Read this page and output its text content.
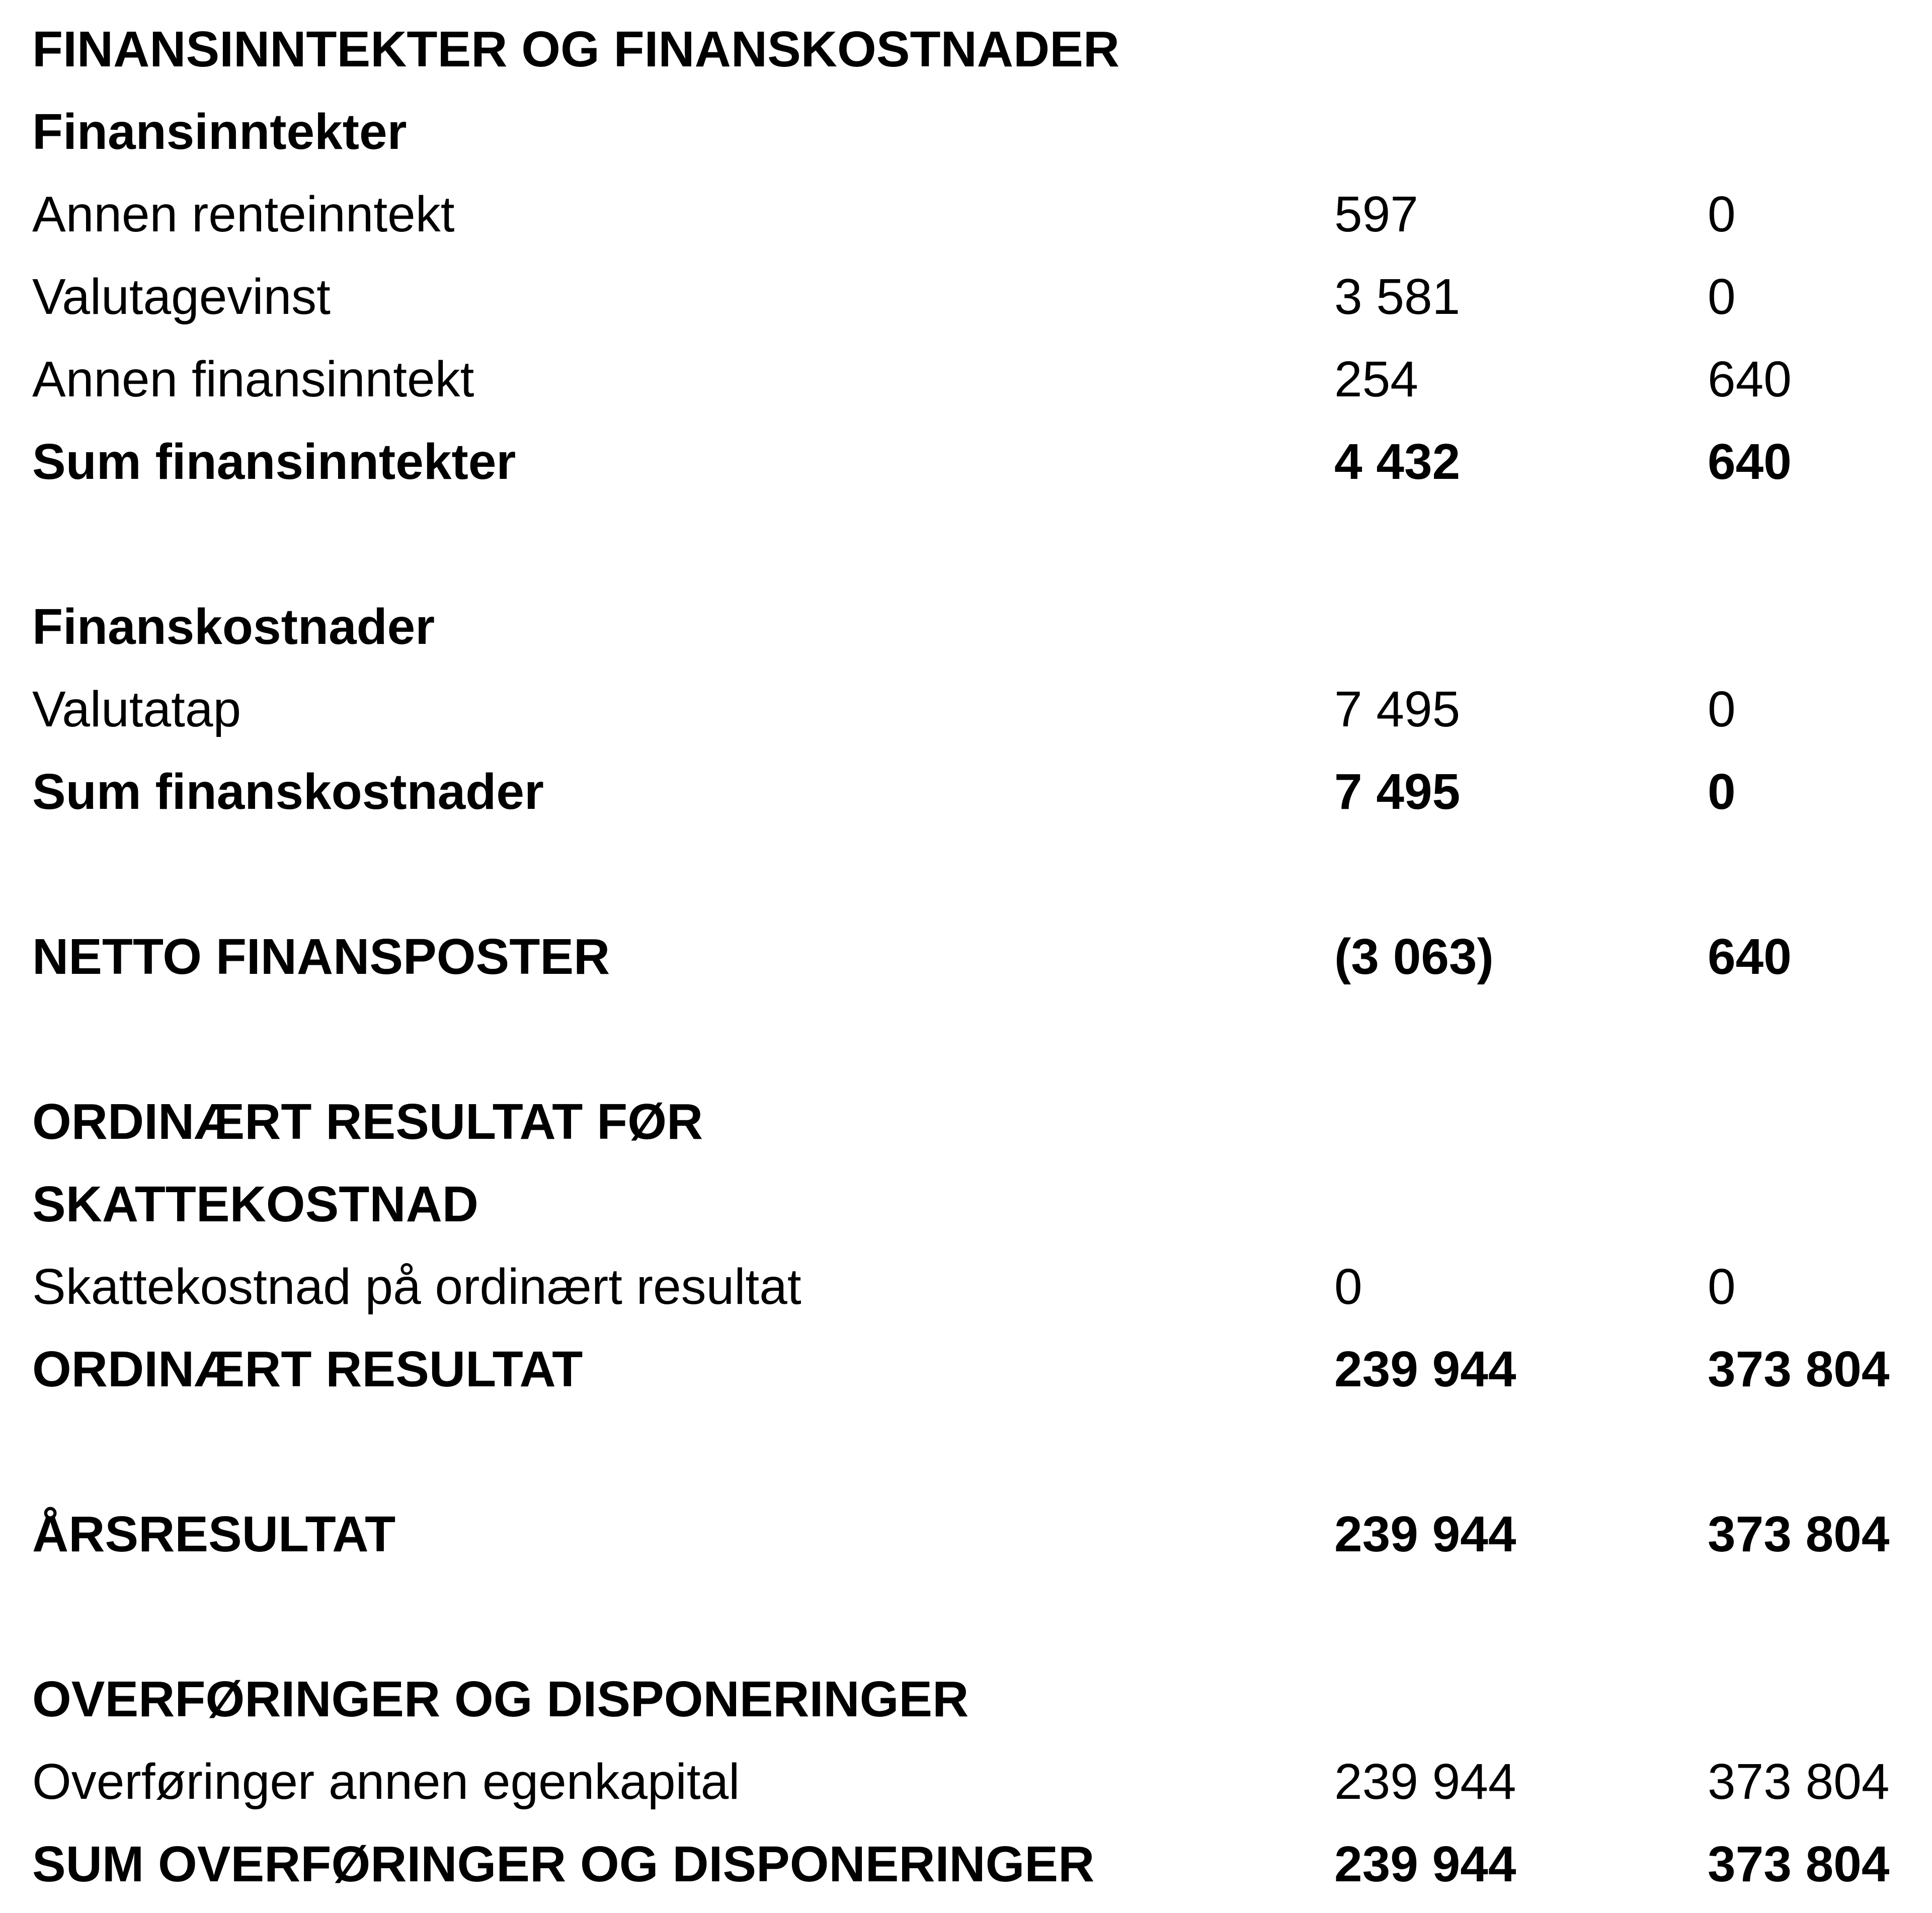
FINANSINNTEKTER OG FINANSKOSTNADER
Finansinntekter
Annen renteinntekt	597	0
Valutagevinst	3 581	0
Annen finansinntekt	254	640
Sum finansinntekter	4 432	640
Finanskostnader
Valutatap	7 495	0
Sum finanskostnader	7 495	0
NETTO FINANSPOSTER	(3 063)	640
ORDINÆRT RESULTAT FØR
SKATTEKOSTNAD
Skattekostnad på ordinært resultat	0	0
ORDINÆRT RESULTAT	239 944	373 804
ÅRSRESULTAT	239 944	373 804
OVERFØRINGER OG DISPONERINGER
Overføringer annen egenkapital	239 944	373 804
SUM OVERFØRINGER OG DISPONERINGER	239 944	373 804
